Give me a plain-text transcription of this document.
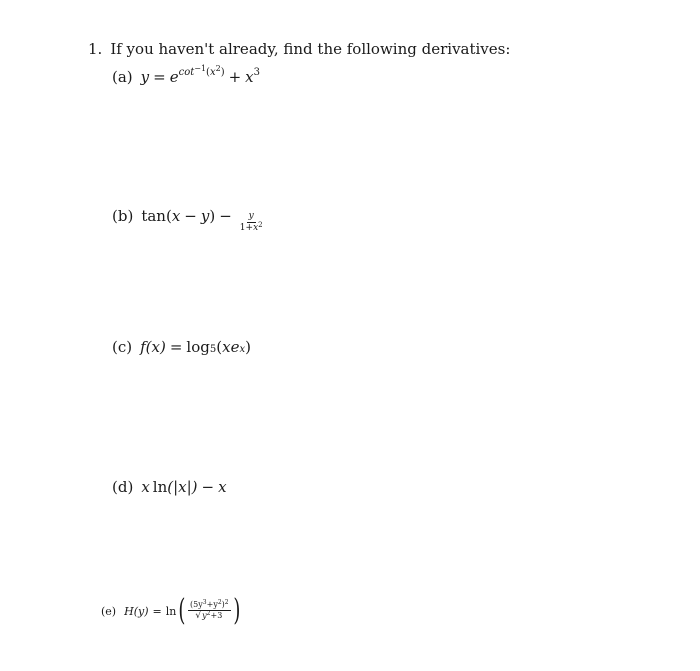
1. If you haven't already, find the following derivatives:
(a) $y = e^{cot^{-1}(x^2)} + x^3$
(b) tan ( x − y ) − $\frac{y}{1+x^2}$
(c) f (x) = log 5 ( x e x )
(d) x ln (|x|) − x
(e) H (y) = ln ( $\frac{(5y^3+y^2)^2}{√y^2+3}$ )
